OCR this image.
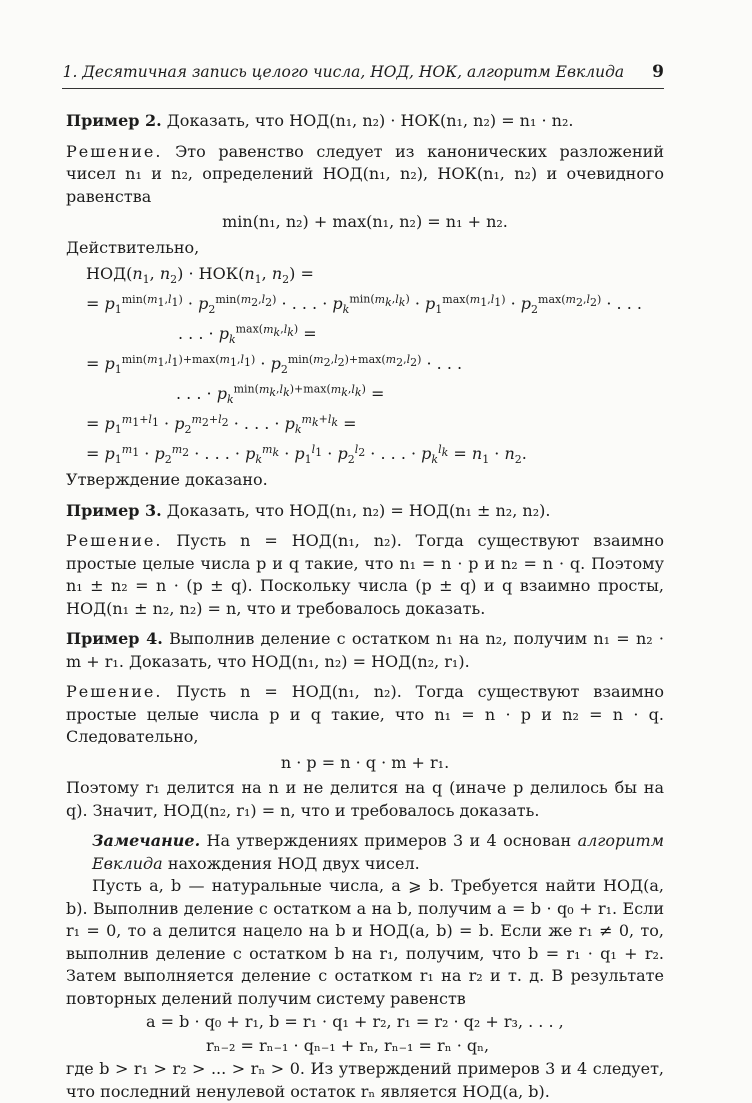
1. Десятичная запись целого числа, НОД, НОК, алгоритм Евклида 9

Пример 2. Доказать, что НОД(n₁, n₂) · НОК(n₁, n₂) = n₁ · n₂.

Решение. Это равенство следует из канонических разложений чисел n₁ и n₂, определений НОД(n₁, n₂), НОК(n₁, n₂) и очевидного равенства

min(n₁, n₂) + max(n₁, n₂) = n₁ + n₂.

Действительно,

$НОД(n_1$, $n_2) \cdot НОК(n_1$, $n_2$) =
= $p_1^{min(m_1,l_1)} \cdot p_2^{min(m_2,l_2)}$ · . . . · $p_k^{min(m_k,l_k)} \cdot p_1^{max(m_1,l_1)} \cdot p_2^{max(m_2,l_2)}$ · . . .
. . . · $p_k^{max(m_k,l_k)}$ =
= $p_1^{min(m_1,l_1)+max(m_1,l_1)} \cdot p_2^{min(m_2,l_2)+max(m_2,l_2)}$ · . . .
. . . · $p_k^{min(m_k,l_k)+max(m_k,l_k)}$ =
= $p_1^{m_1+l_1} \cdot p_2^{m_2+l_2}$ · . . . · $p_k^{m_k+l_k}$ =
= $p_1^{m_1} \cdot p_2^{m_2}$ · . . . · $p_k^{m_k} \cdot p_1^{l_1} \cdot p_2^{l_2}$ · . . . · $p_k^{l_k} = n_1 \cdot n_2$.

Утверждение доказано.

Пример 3. Доказать, что НОД(n₁, n₂) = НОД(n₁ ± n₂, n₂).

Решение. Пусть n = НОД(n₁, n₂). Тогда существуют взаимно простые целые числа p и q такие, что n₁ = n · p и n₂ = n · q. Поэтому n₁ ± n₂ = n · (p ± q). Поскольку числа (p ± q) и q взаимно просты, НОД(n₁ ± n₂, n₂) = n, что и требовалось доказать.

Пример 4. Выполнив деление с остатком n₁ на n₂, получим n₁ = n₂ · m + r₁. Доказать, что НОД(n₁, n₂) = НОД(n₂, r₁).

Решение. Пусть n = НОД(n₁, n₂). Тогда существуют взаимно простые целые числа p и q такие, что n₁ = n · p и n₂ = n · q. Следовательно,

n · p = n · q · m + r₁.

Поэтому r₁ делится на n и не делится на q (иначе p делилось бы на q). Значит, НОД(n₂, r₁) = n, что и требовалось доказать.

Замечание. На утверждениях примеров 3 и 4 основан алгоритм Евклида нахождения НОД двух чисел.

Пусть a, b — натуральные числа, a ⩾ b. Требуется найти НОД(a, b). Выполнив деление с остатком a на b, получим a = b · q₀ + r₁. Если r₁ = 0, то a делится нацело на b и НОД(a, b) = b. Если же r₁ ≠ 0, то, выполнив деление с остатком b на r₁, получим, что b = r₁ · q₁ + r₂. Затем выполняется деление с остатком r₁ на r₂ и т. д. В результате повторных делений получим систему равенств

a = b · q₀ + r₁, b = r₁ · q₁ + r₂, r₁ = r₂ · q₂ + r₃, . . . ,
rₙ₋₂ = rₙ₋₁ · qₙ₋₁ + rₙ, rₙ₋₁ = rₙ · qₙ,

где b > r₁ > r₂ > ... > rₙ > 0. Из утверждений примеров 3 и 4 следует, что последний ненулевой остаток rₙ является НОД(a, b).
